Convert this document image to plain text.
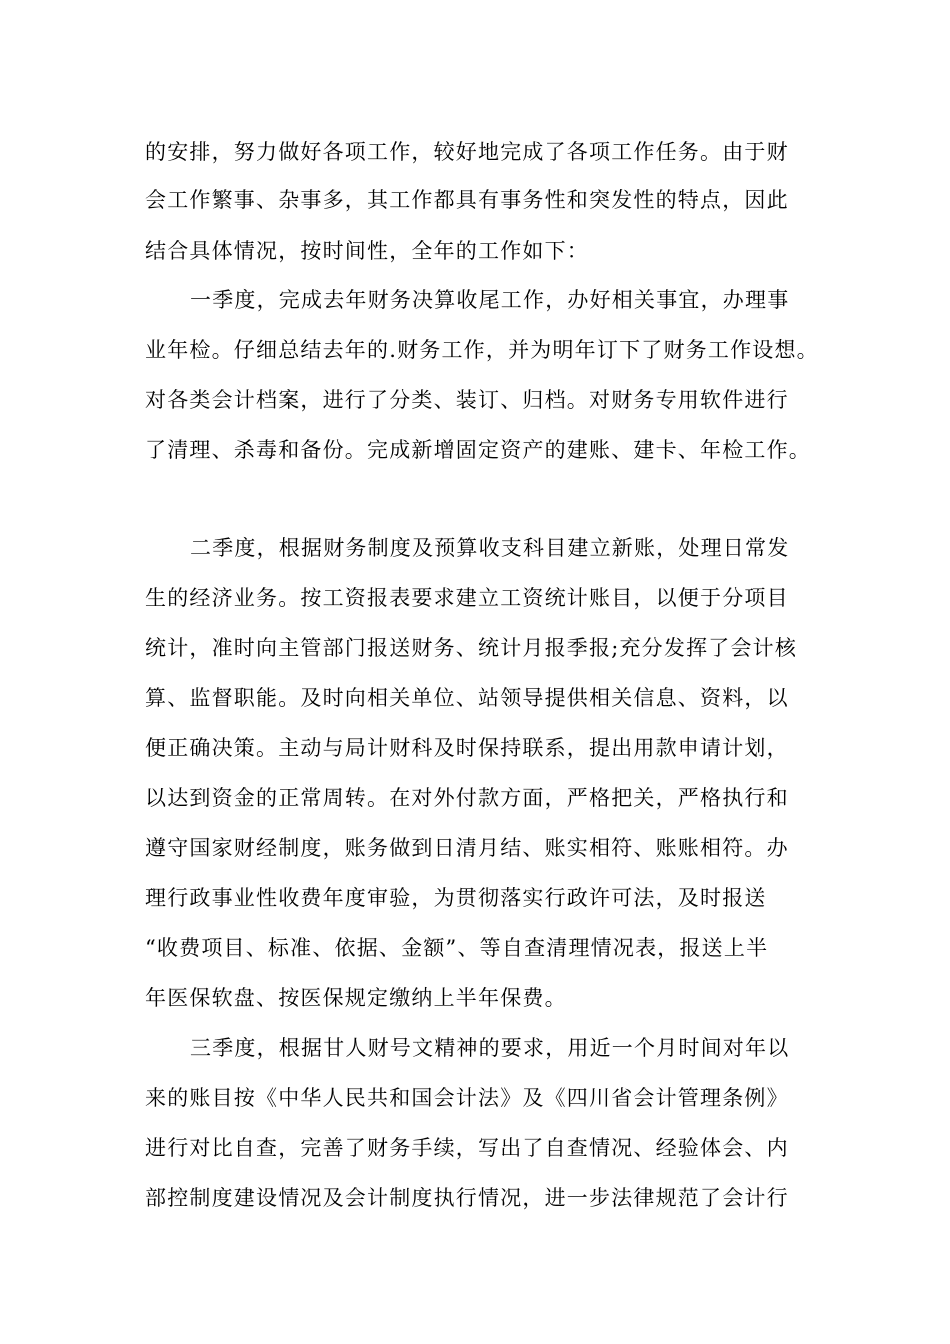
的安排，努力做好各项工作，较好地完成了各项工作任务。由于财
会工作繁事、杂事多，其工作都具有事务性和突发性的特点，因此
结合具体情况，按时间性，全年的工作如下：
一季度，完成去年财务决算收尾工作，办好相关事宜，办理事
业年检。仔细总结去年的.财务工作，并为明年订下了财务工作设想。
对各类会计档案，进行了分类、装订、归档。对财务专用软件进行
了清理、杀毒和备份。完成新增固定资产的建账、建卡、年检工作。
二季度，根据财务制度及预算收支科目建立新账，处理日常发
生的经济业务。按工资报表要求建立工资统计账目，以便于分项目
统计，准时向主管部门报送财务、统计月报季报;充分发挥了会计核
算、监督职能。及时向相关单位、站领导提供相关信息、资料，以
便正确决策。主动与局计财科及时保持联系，提出用款申请计划，
以达到资金的正常周转。在对外付款方面，严格把关，严格执行和
遵守国家财经制度，账务做到日清月结、账实相符、账账相符。办
理行政事业性收费年度审验，为贯彻落实行政许可法，及时报送
“收费项目、标准、依据、金额”、等自查清理情况表，报送上半
年医保软盘、按医保规定缴纳上半年保费。
三季度，根据甘人财号文精神的要求，用近一个月时间对年以
来的账目按《中华人民共和国会计法》及《四川省会计管理条例》
进行对比自查，完善了财务手续，写出了自查情况、经验体会、内
部控制度建设情况及会计制度执行情况，进一步法律规范了会计行
